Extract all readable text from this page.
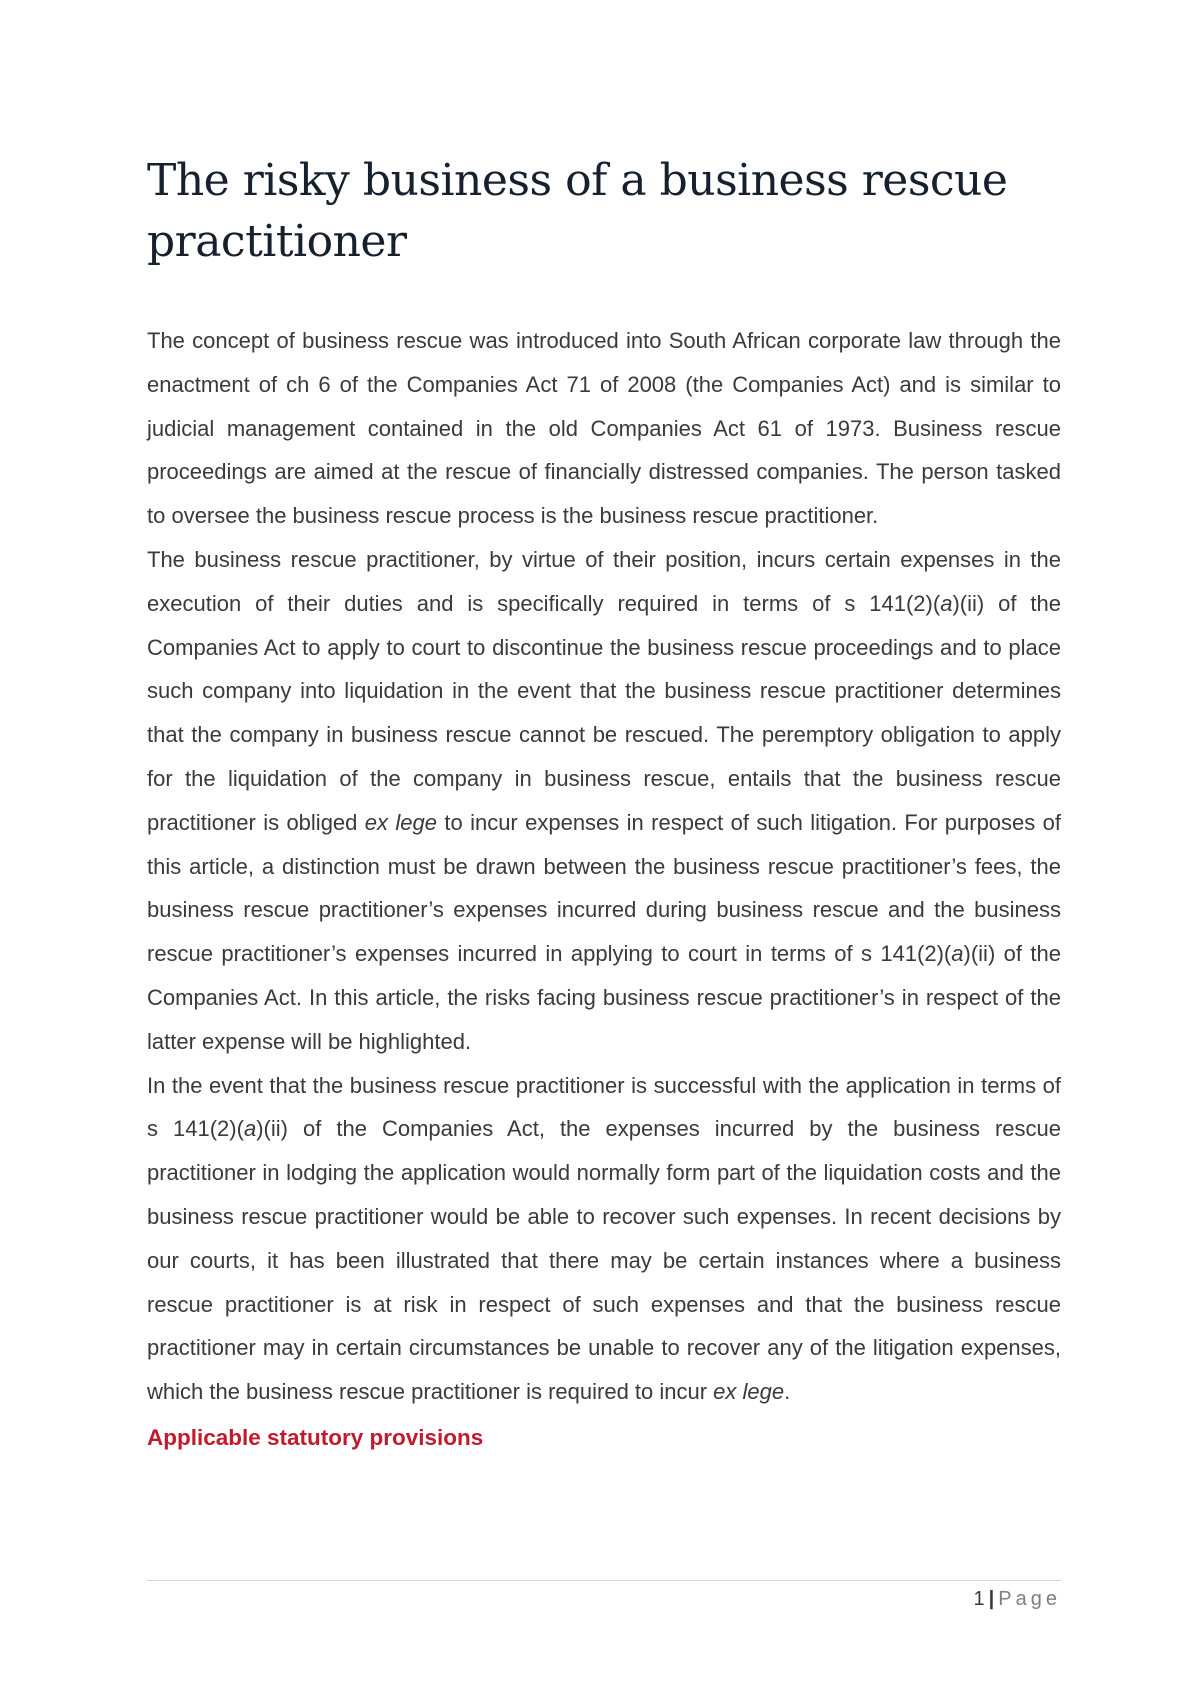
The risky business of a business rescue practitioner

The concept of business rescue was introduced into South African corporate law through the enactment of ch 6 of the Companies Act 71 of 2008 (the Companies Act) and is similar to judicial management contained in the old Companies Act 61 of 1973. Business rescue proceedings are aimed at the rescue of financially distressed companies. The person tasked to oversee the business rescue process is the business rescue practitioner.

The business rescue practitioner, by virtue of their position, incurs certain expenses in the execution of their duties and is specifically required in terms of s 141(2)(a)(ii) of the Companies Act to apply to court to discontinue the business rescue proceedings and to place such company into liquidation in the event that the business rescue practitioner determines that the company in business rescue cannot be rescued. The peremptory obligation to apply for the liquidation of the company in business rescue, entails that the business rescue practitioner is obliged ex lege to incur expenses in respect of such litigation. For purposes of this article, a distinction must be drawn between the business rescue practitioner’s fees, the business rescue practitioner’s expenses incurred during business rescue and the business rescue practitioner’s expenses incurred in applying to court in terms of s 141(2)(a)(ii) of the Companies Act. In this article, the risks facing business rescue practitioner’s in respect of the latter expense will be highlighted.

In the event that the business rescue practitioner is successful with the application in terms of s 141(2)(a)(ii) of the Companies Act, the expenses incurred by the business rescue practitioner in lodging the application would normally form part of the liquidation costs and the business rescue practitioner would be able to recover such expenses. In recent decisions by our courts, it has been illustrated that there may be certain instances where a business rescue practitioner is at risk in respect of such expenses and that the business rescue practitioner may in certain circumstances be unable to recover any of the litigation expenses, which the business rescue practitioner is required to incur ex lege.

Applicable statutory provisions
1 | Page
